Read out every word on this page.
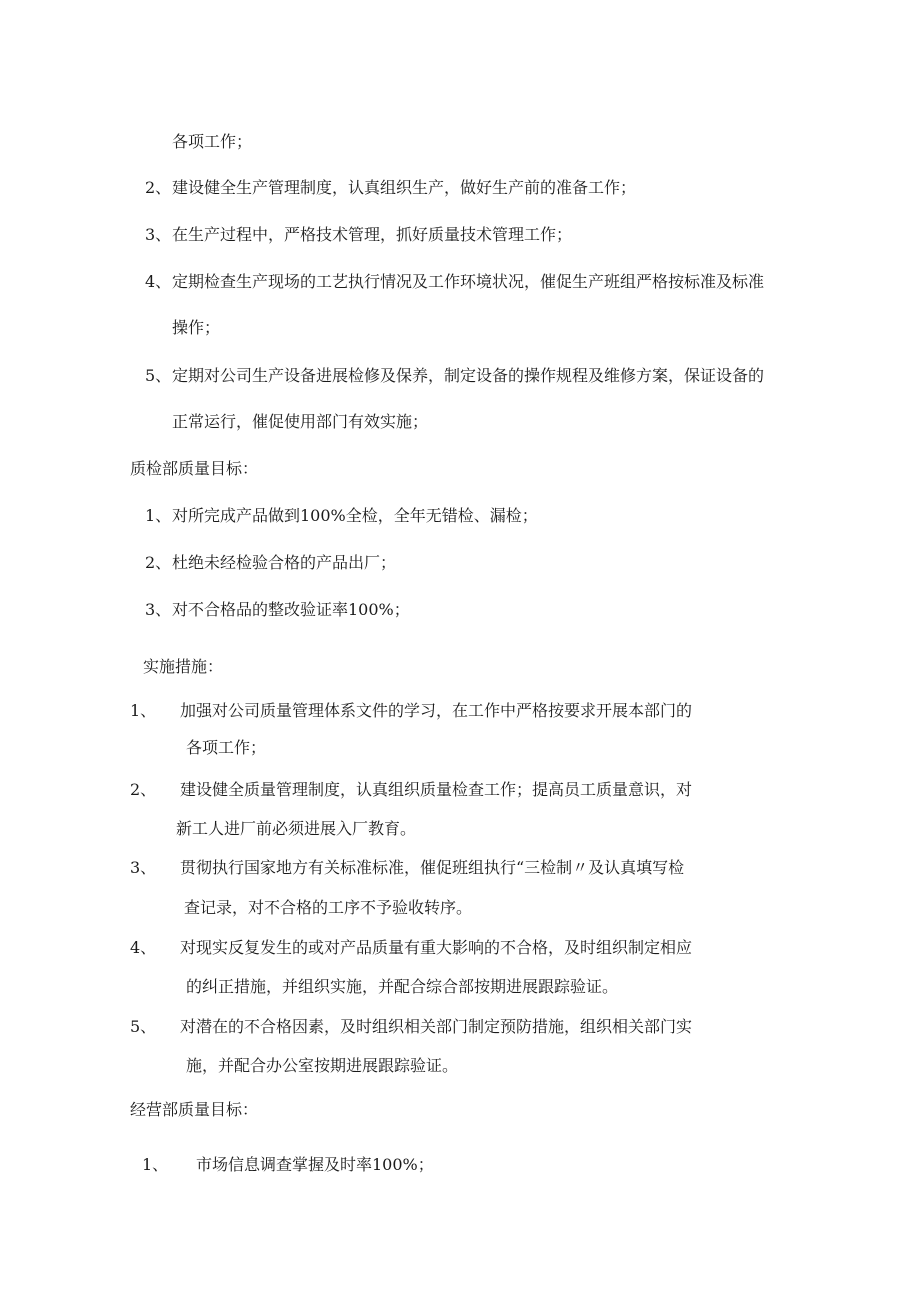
各项工作；
2、 建设健全生产管理制度，认真组织生产，做好生产前的准备工作；
3、 在生产过程中，严格技术管理，抓好质量技术管理工作；
4、 定期检查生产现场的工艺执行情况及工作环境状况，催促生产班组严格按标准及标准
操作；
5、 定期对公司生产设备进展检修及保养，制定设备的操作规程及维修方案，保证设备的
正常运行，催促使用部门有效实施；
质检部质量目标：
1、 对所完成产品做到100%全检，全年无错检、漏检；
2、 杜绝未经检验合格的产品出厂；
3、 对不合格品的整改验证率100%；
实施措施：
1、 加强对公司质量管理体系文件的学习，在工作中严格按要求开展本部门的
各项工作；
2、 建设健全质量管理制度，认真组织质量检查工作；提高员工质量意识，对
新工人进厂前必须进展入厂教育。
3、 贯彻执行国家地方有关标准标准，催促班组执行“三检制〃及认真填写检
查记录，对不合格的工序不予验收转序。
4、 对现实反复发生的或对产品质量有重大影响的不合格，及时组织制定相应
的纠正措施，并组织实施，并配合综合部按期进展跟踪验证。
5、 对潜在的不合格因素，及时组织相关部门制定预防措施，组织相关部门实
施，并配合办公室按期进展跟踪验证。
经营部质量目标：
1、 市场信息调查掌握及时率100%；
